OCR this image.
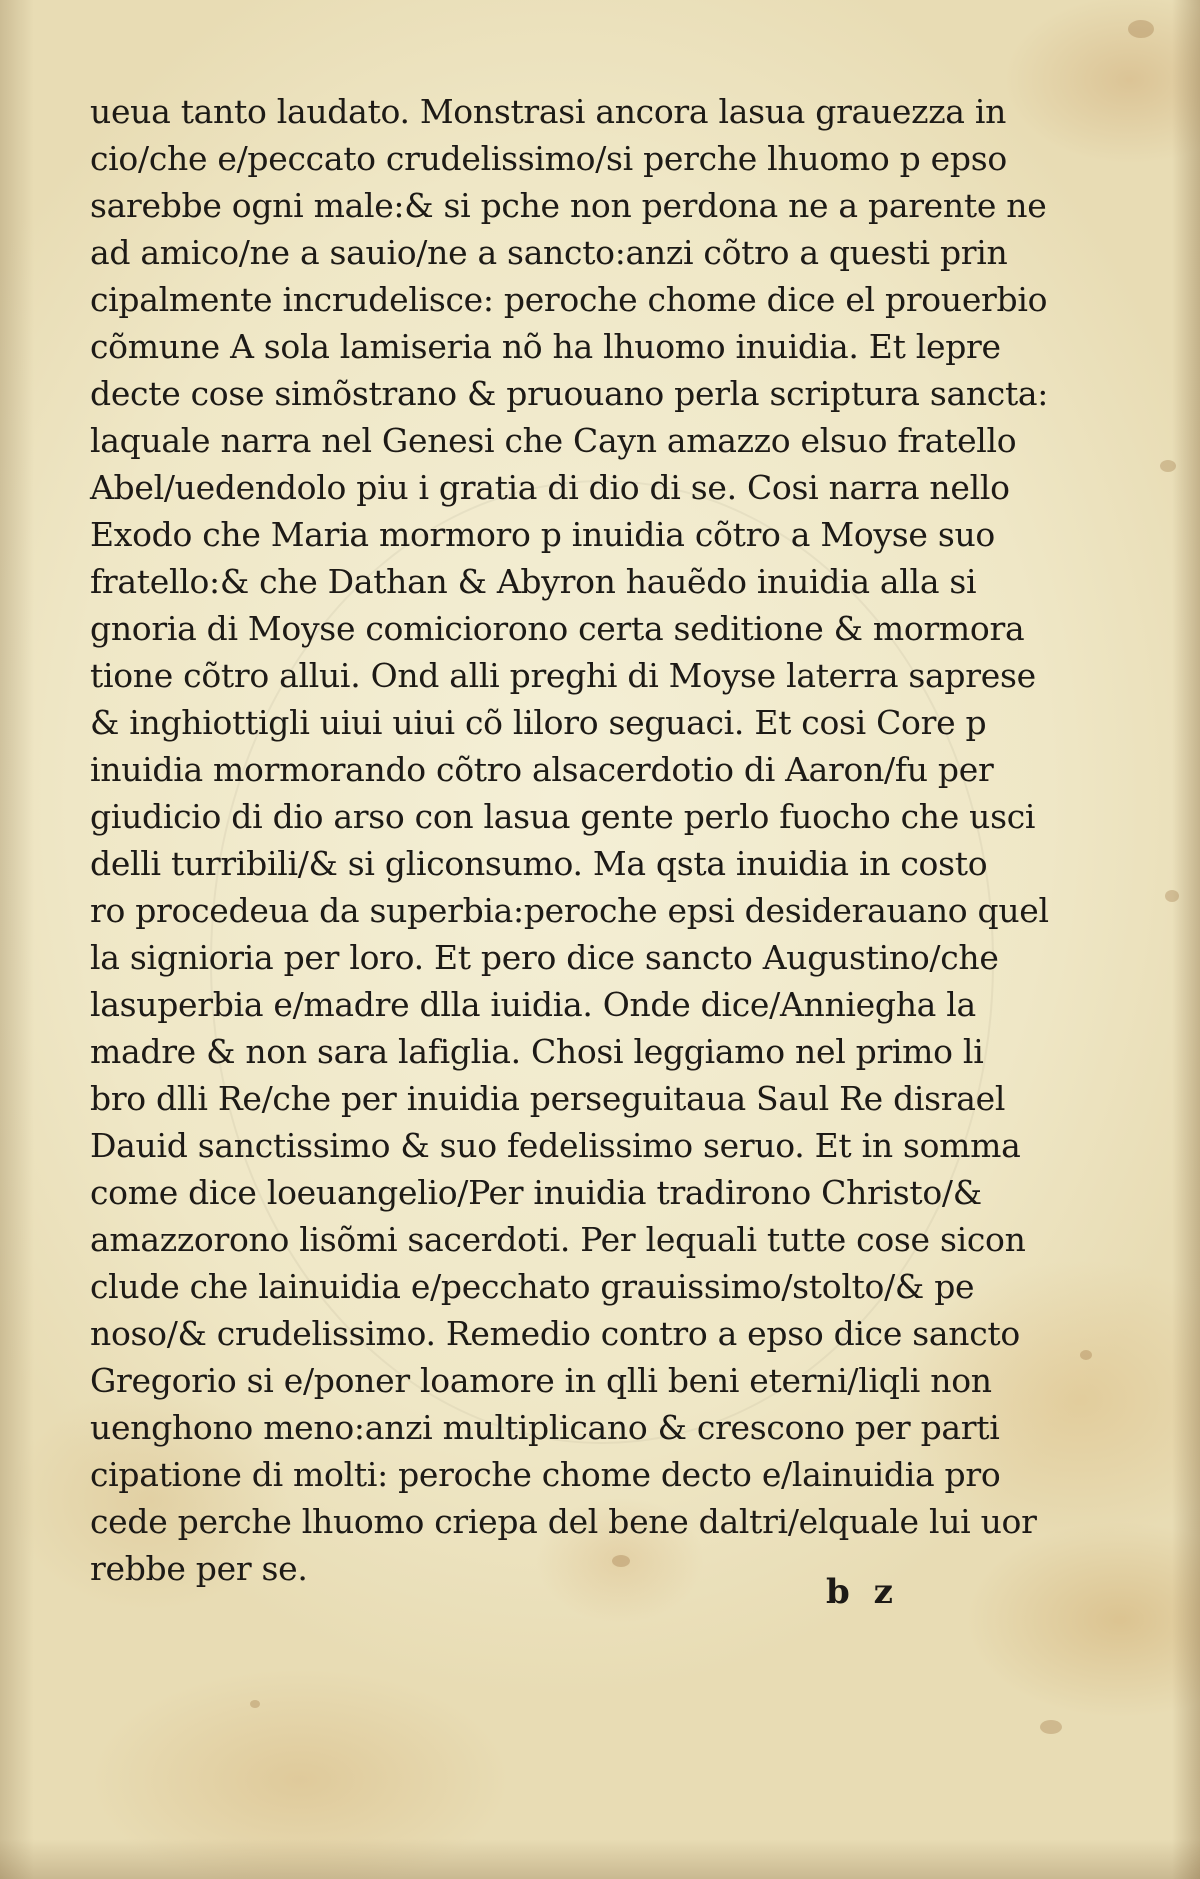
ueua tanto laudato. Monstrasi ancora lasua grauezza in
cio/che e/peccato crudelissimo/si perche lhuomo p epso
sarebbe ogni male:& si pche non perdona ne a parente ne
ad amico/ne a sauio/ne a sancto:anzi cõtro a questi prin
cipalmente incrudelisce: peroche chome dice el prouerbio
cõmune A sola lamiseria nõ ha lhuomo inuidia. Et lepre
decte cose simõstrano & pruouano perla scriptura sancta:
laquale narra nel Genesi che Cayn amazzo elsuo fratello
Abel/uedendolo piu i gratia di dio di se. Cosi narra nello
Exodo che Maria mormoro p inuidia cõtro a Moyse suo
fratello:& che Dathan & Abyron hauẽdo inuidia alla si
gnoria di Moyse comiciorono certa seditione & mormora
tione cõtro allui. Ond alli preghi di Moyse laterra saprese
& inghiottigli uiui uiui cõ liloro seguaci. Et cosi Core p
inuidia mormorando cõtro alsacerdotio di Aaron/fu per
giudicio di dio arso con lasua gente perlo fuocho che usci
delli turribili/& si gliconsumo. Ma qsta inuidia in costo
ro procedeua da superbia:peroche epsi desiderauano quel
la signioria per loro. Et pero dice sancto Augustino/che
lasuperbia e/madre dlla iuidia. Onde dice/Anniegha la
madre & non sara lafiglia. Chosi leggiamo nel primo li
bro dlli Re/che per inuidia perseguitaua Saul Re disrael
Dauid sanctissimo & suo fedelissimo seruo. Et in somma
come dice loeuangelio/Per inuidia tradirono Christo/&
amazzorono lisõmi sacerdoti. Per lequali tutte cose sicon
clude che lainuidia e/pecchato grauissimo/stolto/& pe
noso/& crudelissimo. Remedio contro a epso dice sancto
Gregorio si e/poner loamore in qlli beni eterni/liqli non
uenghono meno:anzi multiplicano & crescono per parti
cipatione di molti: peroche chome decto e/lainuidia pro
cede perche lhuomo criepa del bene daltri/elquale lui uor
rebbe per se.
b z
